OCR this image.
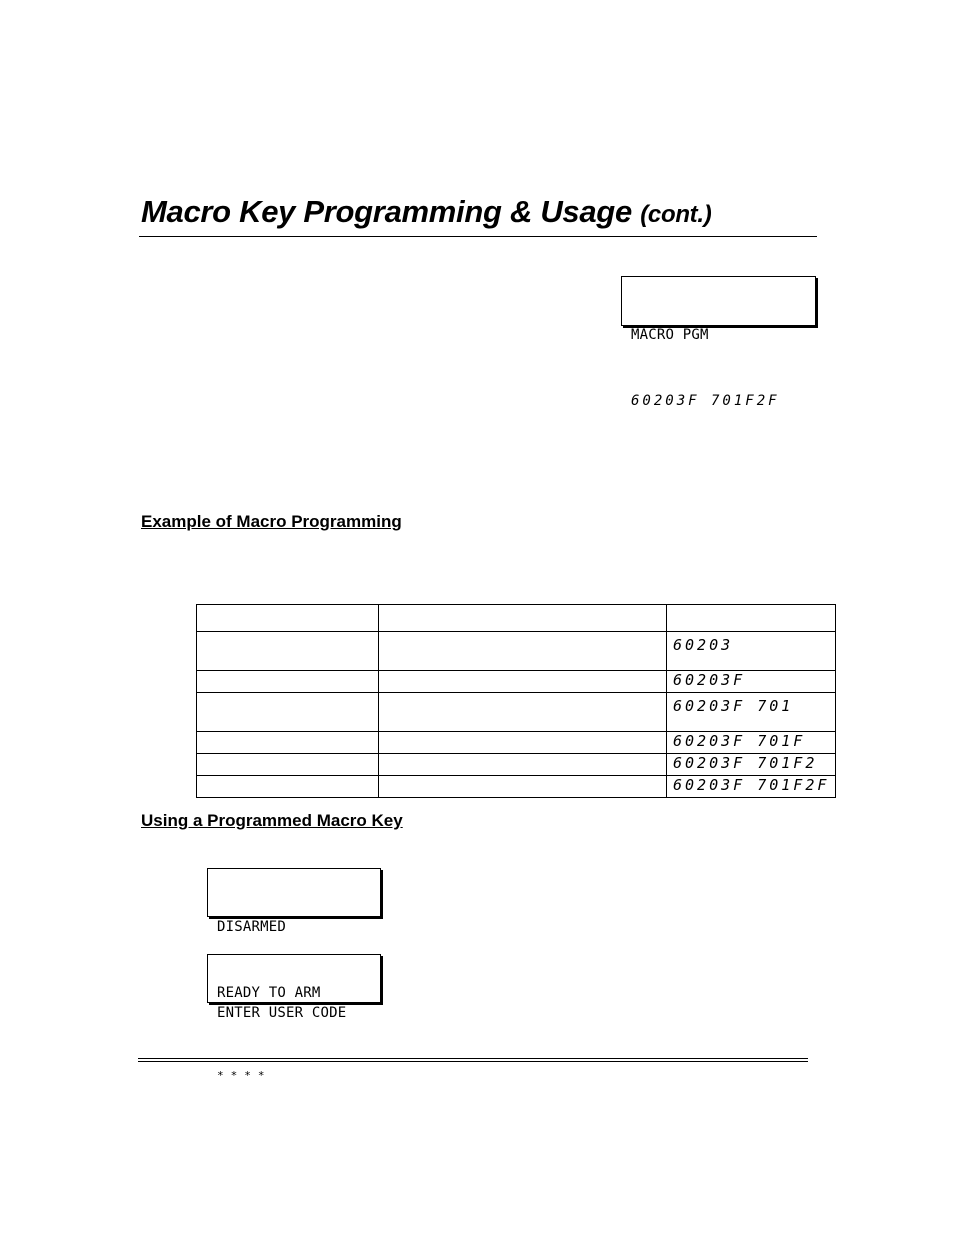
Macro Key Programming & Usage (cont.)

MACRO PGM

60203F 701F2F

Example of Macro Programming

		60203
		60203F
		60203F 701
		60203F 701F
		60203F 701F2
		60203F 701F2F
Using a Programmed Macro Key

DISARMED

READY TO ARM

ENTER USER CODE

* * * *
